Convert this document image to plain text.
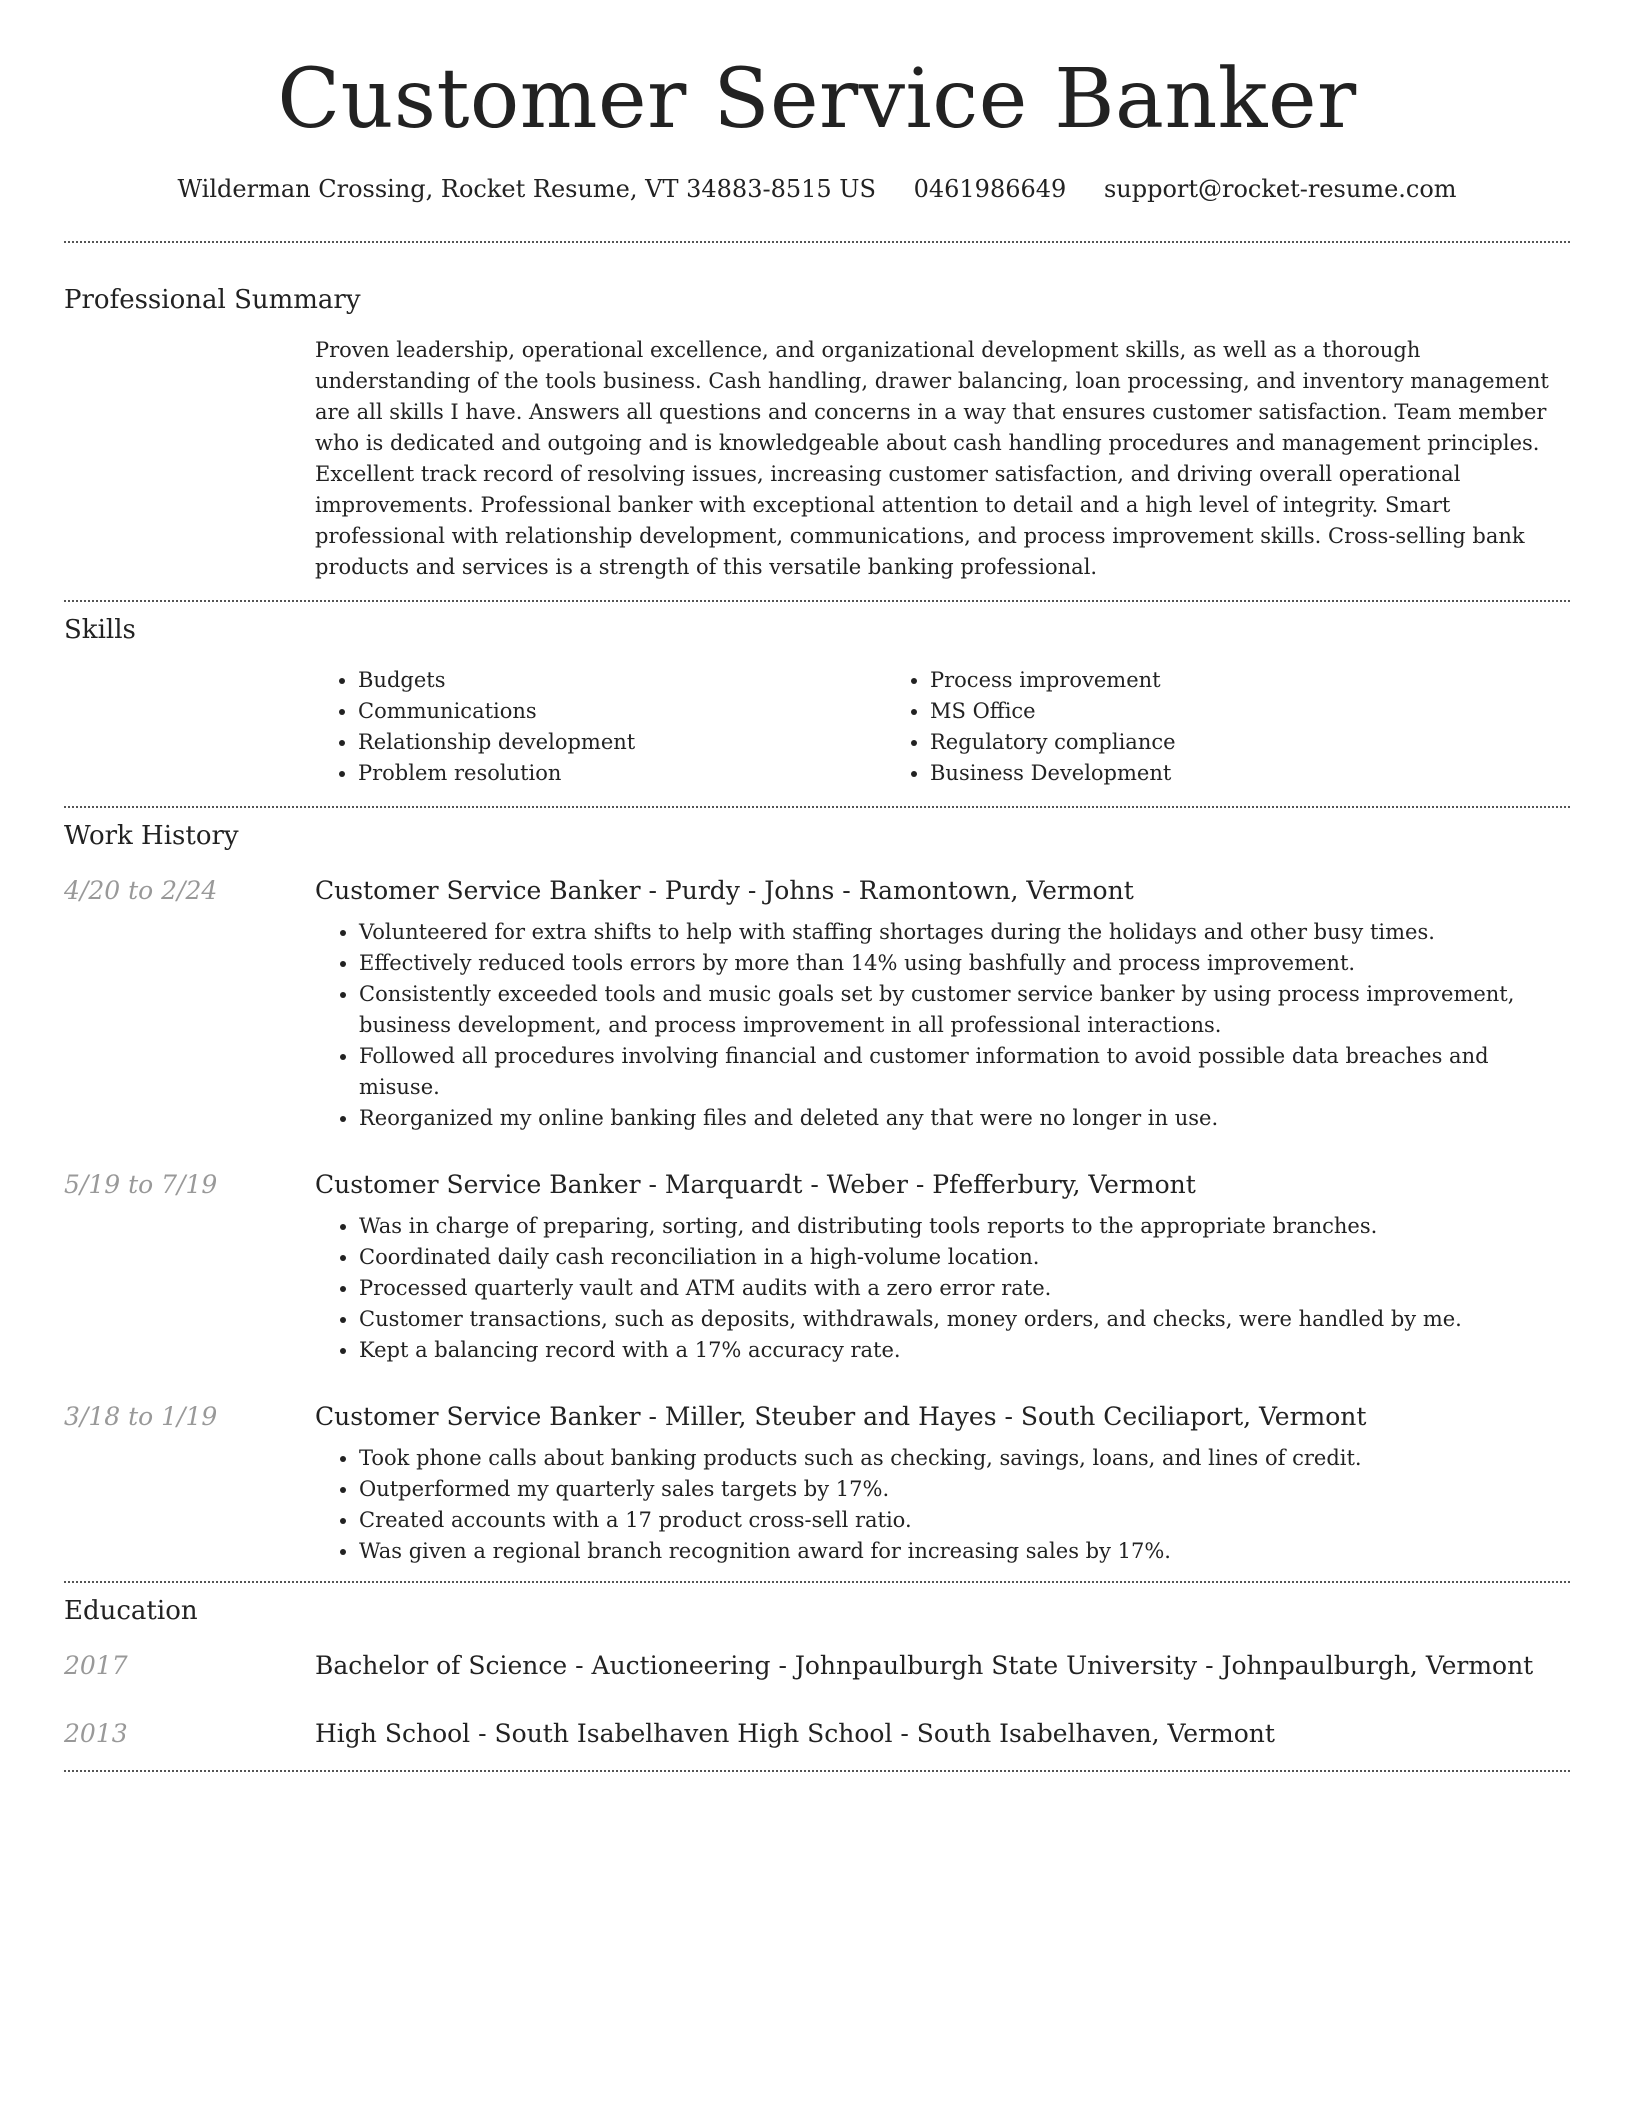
Customer Service Banker
Wilderman Crossing, Rocket Resume, VT 34883-8515 US 0461986649 support@rocket-resume.com
Professional Summary
Proven leadership, operational excellence, and organizational development skills, as well as a thorough understanding of the tools business. Cash handling, drawer balancing, loan processing, and inventory management are all skills I have. Answers all questions and concerns in a way that ensures customer satisfaction. Team member who is dedicated and outgoing and is knowledgeable about cash handling procedures and management principles. Excellent track record of resolving issues, increasing customer satisfaction, and driving overall operational improvements. Professional banker with exceptional attention to detail and a high level of integrity. Smart professional with relationship development, communications, and process improvement skills. Cross-selling bank products and services is a strength of this versatile banking professional.
Skills
• Budgets
• Communications
• Relationship development
• Problem resolution
• Process improvement
• MS Office
• Regulatory compliance
• Business Development
Work History
4/20 to 2/24	Customer Service Banker - Purdy - Johns - Ramontown, Vermont
• Volunteered for extra shifts to help with staffing shortages during the holidays and other busy times.
• Effectively reduced tools errors by more than 14% using bashfully and process improvement.
• Consistently exceeded tools and music goals set by customer service banker by using process improvement, business development, and process improvement in all professional interactions.
• Followed all procedures involving financial and customer information to avoid possible data breaches and misuse.
• Reorganized my online banking files and deleted any that were no longer in use.
5/19 to 7/19	Customer Service Banker - Marquardt - Weber - Pfefferbury, Vermont
• Was in charge of preparing, sorting, and distributing tools reports to the appropriate branches.
• Coordinated daily cash reconciliation in a high-volume location.
• Processed quarterly vault and ATM audits with a zero error rate.
• Customer transactions, such as deposits, withdrawals, money orders, and checks, were handled by me.
• Kept a balancing record with a 17% accuracy rate.
3/18 to 1/19	Customer Service Banker - Miller, Steuber and Hayes - South Ceciliaport, Vermont
• Took phone calls about banking products such as checking, savings, loans, and lines of credit.
• Outperformed my quarterly sales targets by 17%.
• Created accounts with a 17 product cross-sell ratio.
• Was given a regional branch recognition award for increasing sales by 17%.
Education
2017	Bachelor of Science - Auctioneering - Johnpaulburgh State University - Johnpaulburgh, Vermont
2013	High School - South Isabelhaven High School - South Isabelhaven, Vermont
